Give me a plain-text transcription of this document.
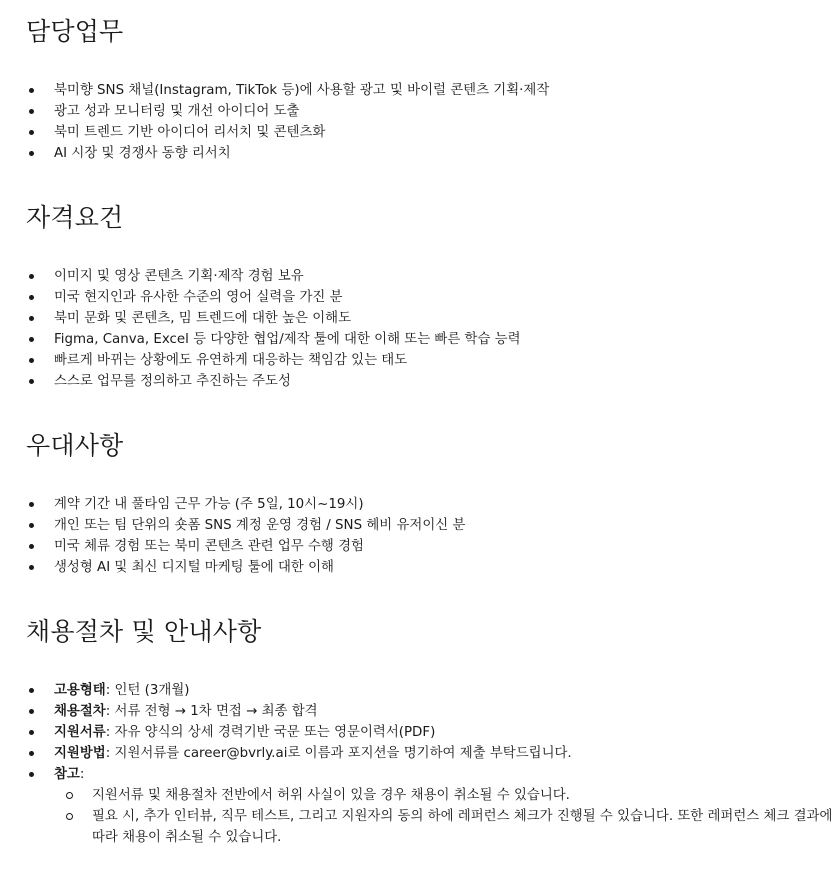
담당업무
북미향 SNS 채널(Instagram, TikTok 등)에 사용할 광고 및 바이럴 콘텐츠 기획·제작
광고 성과 모니터링 및 개선 아이디어 도출
북미 트렌드 기반 아이디어 리서치 및 콘텐츠화
AI 시장 및 경쟁사 동향 리서치
자격요건
이미지 및 영상 콘텐츠 기획·제작 경험 보유
미국 현지인과 유사한 수준의 영어 실력을 가진 분
북미 문화 및 콘텐츠, 밈 트렌드에 대한 높은 이해도
Figma, Canva, Excel 등 다양한 협업/제작 툴에 대한 이해 또는 빠른 학습 능력
빠르게 바뀌는 상황에도 유연하게 대응하는 책임감 있는 태도
스스로 업무를 정의하고 추진하는 주도성
우대사항
계약 기간 내 풀타임 근무 가능 (주 5일, 10시~19시)
개인 또는 팀 단위의 숏폼 SNS 계정 운영 경험 / SNS 헤비 유저이신 분
미국 체류 경험 또는 북미 콘텐츠 관련 업무 수행 경험
생성형 AI 및 최신 디지털 마케팅 툴에 대한 이해
채용절차 및 안내사항
고용형태: 인턴 (3개월)
채용절차: 서류 전형 → 1차 면접 → 최종 합격
지원서류: 자유 양식의 상세 경력기반 국문 또는 영문이력서(PDF)
지원방법: 지원서류를 career@bvrly.ai로 이름과 포지션을 명기하여 제출 부탁드립니다.
참고:
지원서류 및 채용절차 전반에서 허위 사실이 있을 경우 채용이 취소될 수 있습니다.
필요 시, 추가 인터뷰, 직무 테스트, 그리고 지원자의 동의 하에 레퍼런스 체크가 진행될 수 있습니다. 또한 레퍼런스 체크 결과에 따라 채용이 취소될 수 있습니다.
